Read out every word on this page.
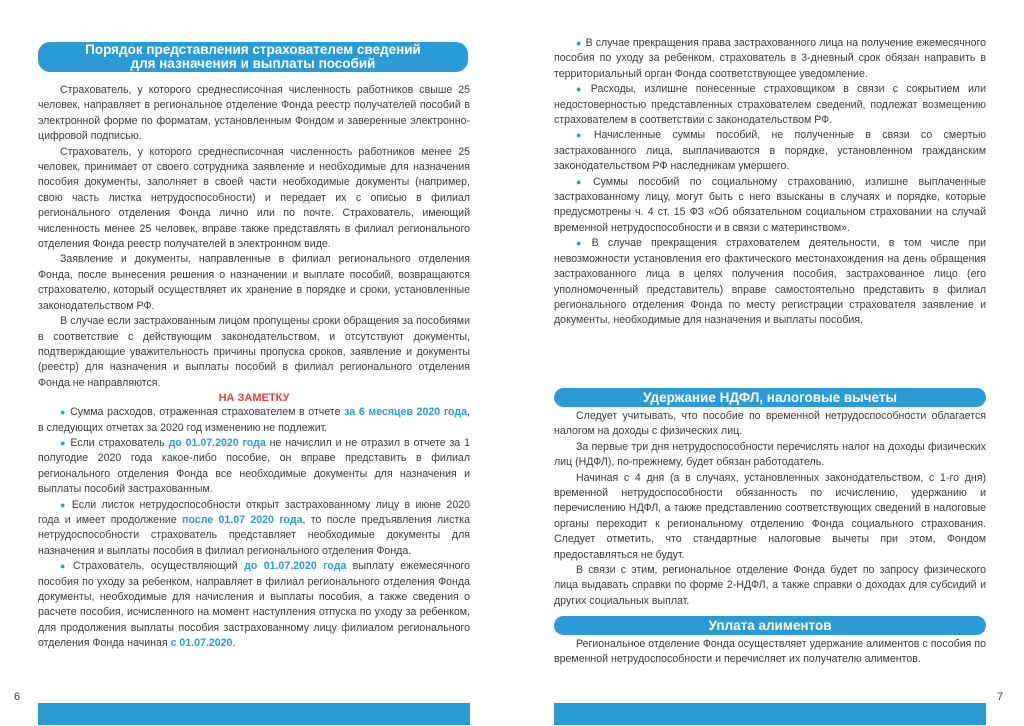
Порядок представления страхователем сведений
для назначения и выплаты пособий

Страхователь, у которого среднесписочная численность работников свыше 25 человек, направляет в региональное отделение Фонда реестр получателей пособий в электронной форме по форматам, установленным Фондом и заверенные электронно-цифровой подписью.

Страхователь, у которого среднесписочная численность работников менее 25 человек, принимает от своего сотрудника заявление и необходимые для назначения пособия документы, заполняет в своей части необходимые документы (например, свою часть листка нетрудоспособности) и передает их с описью в филиал регионального отделения Фонда лично или по почте. Страхователь, имеющий численность менее 25 человек, вправе также представлять в филиал регионального отделения Фонда реестр получателей в электронном виде.

Заявление и документы, направленные в филиал регионального отделения Фонда, после вынесения решения о назначении и выплате пособий, возвращаются страхователю, который осуществляет их хранение в порядке и сроки, установленные законодательством РФ.

В случае если застрахованным лицом пропущены сроки обращения за пособиями в соответствие с действующим законодательством, и отсутствуют документы, подтверждающие уважительность причины пропуска сроков, заявление и документы (реестр) для назначения и выплаты пособий в филиал регионального отделения Фонда не направляются.

НА ЗАМЕТКУ

● Сумма расходов, отраженная страхователем в отчете за 6 месяцев 2020 года, в следующих отчетах за 2020 год изменению не подлежит.

● Если страхователь до 01.07.2020 года не начислил и не отразил в отчете за 1 полугодие 2020 года какое-либо пособие, он вправе представить в филиал регионального отделения Фонда все необходимые документы для назначения и выплаты пособий застрахованным.

● Если листок нетрудоспособности открыт застрахованному лицу в июне 2020 года и имеет продолжение после 01.07 2020 года, то после предъявления листка нетрудоспособности страхователь представляет необходимые документы для назначения и выплаты пособия в филиал регионального отделения Фонда.

● Страхователь, осуществляющий до 01.07.2020 года выплату ежемесячного пособия по уходу за ребенком, направляет в филиал регионального отделения Фонда документы, необходимые для начисления и выплаты пособия, а также сведения о расчете пособия, исчисленного на момент наступления отпуска по уходу за ребенком, для продолжения выплаты пособия застрахованному лицу филиалом регионального отделения Фонда начиная с 01.07.2020.

6

● В случае прекращения права застрахованного лица на получение ежемесячного пособия по уходу за ребенком, страхователь в 3-дневный срок обязан направить в территориальный орган Фонда соответствующее уведомление.

● Расходы, излишне понесенные страховщиком в связи с сокрытием или недостоверностью представленных страхователем сведений, подлежат возмещению страхователем в соответствии с законодательством РФ.

● Начисленные суммы пособий, не полученные в связи со смертью застрахованного лица, выплачиваются в порядке, установленном гражданским законодательством РФ наследникам умершего.

● Суммы пособий по социальному страхованию, излишне выплаченные застрахованному лицу, могут быть с него взысканы в случаях и порядке, которые предусмотрены ч. 4 ст. 15 ФЗ «Об обязательном социальном страховании на случай временной нетрудоспособности и в связи с материнством».

● В случае прекращения страхователем деятельности, в том числе при невозможности установления его фактического местонахождения на день обращения застрахованного лица в целях получения пособия, застрахованное лицо (его уполномоченный представитель) вправе самостоятельно представить в филиал регионального отделения Фонда по месту регистрации страхователя заявление и документы, необходимые для назначения и выплаты пособия.

Удержание НДФЛ, налоговые вычеты

Следует учитывать, что пособие по временной нетрудоспособности облагается налогом на доходы с физических лиц.

За первые три дня нетрудоспособности перечислять налог на доходы физических лиц (НДФЛ), по-прежнему, будет обязан работодатель.

Начиная с 4 дня (а в случаях, установленных законодательством, с 1-го дня) временной нетрудоспособности обязанность по исчислению, удержанию и перечислению НДФЛ, а также представлению соответствующих сведений в налоговые органы переходит к региональному отделению Фонда социального страхования. Следует отметить, что стандартные налоговые вычеты при этом, Фондом предоставляться не будут.

В связи с этим, региональное отделение Фонда будет по запросу физического лица выдавать справки по форме 2-НДФЛ, а также справки о доходах для субсидий и других социальных выплат.

Уплата алиментов

Региональное отделение Фонда осуществляет удержание алиментов с пособия по временной нетрудоспособности и перечисляет их получателю алиментов.

7
